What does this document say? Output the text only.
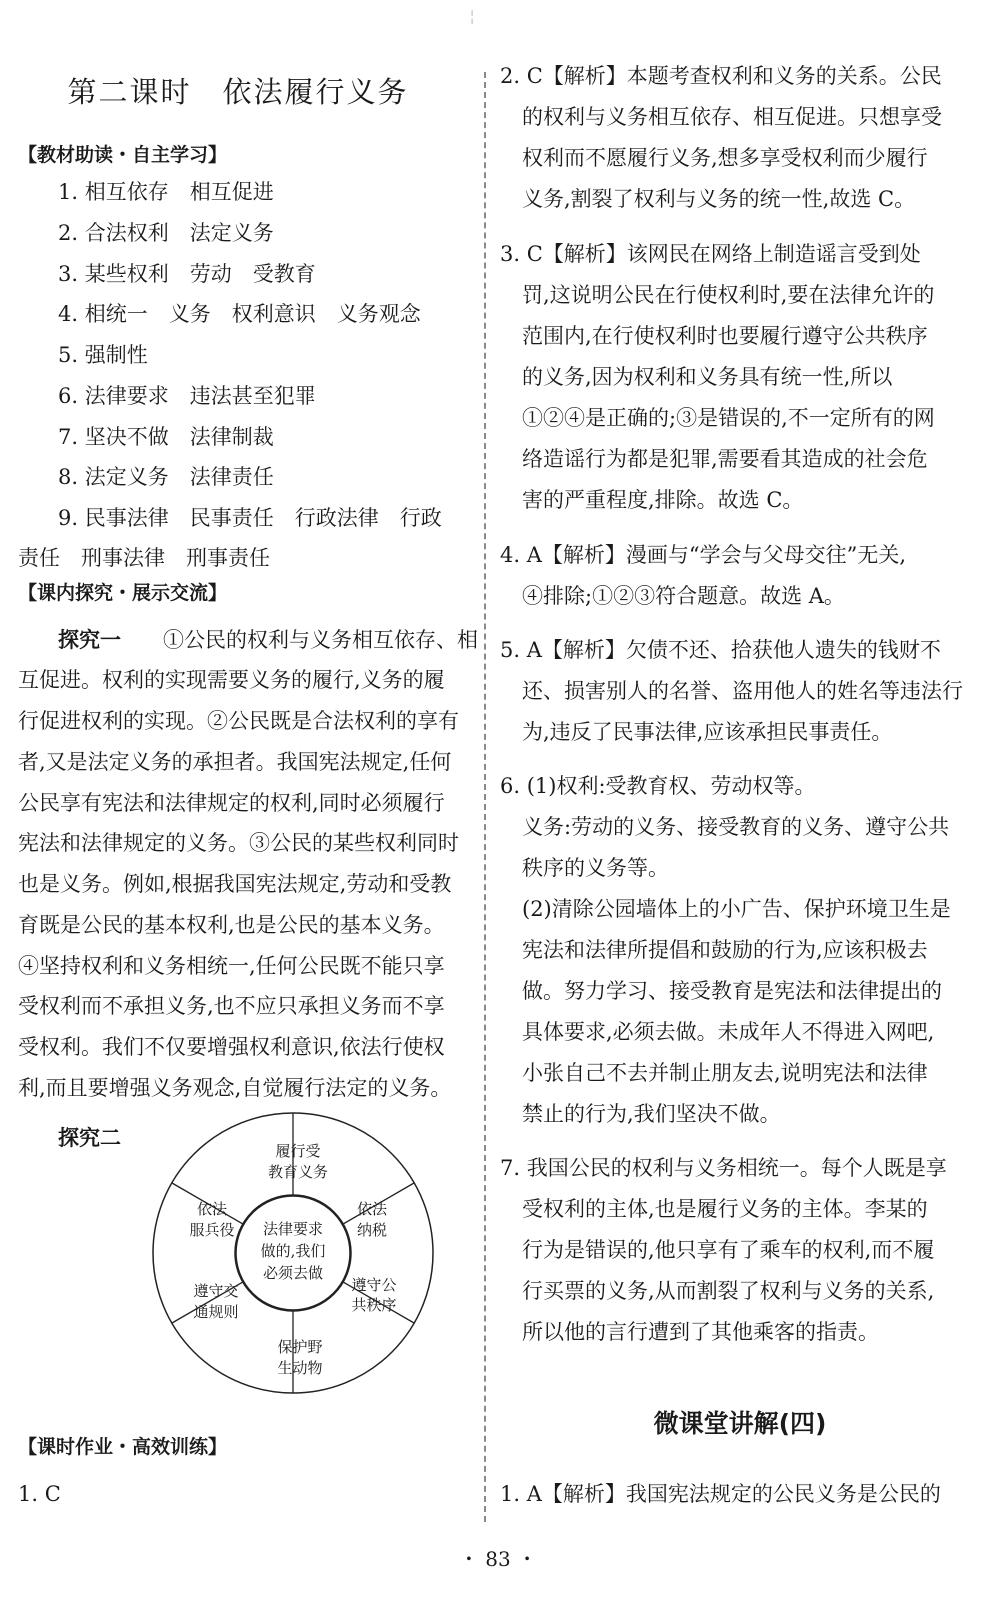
╎
第二课时　依法履行义务
【教材助读・自主学习】
1. 相互依存　相互促进
2. 合法权利　法定义务
3. 某些权利　劳动　受教育
4. 相统一　义务　权利意识　义务观念
5. 强制性
6. 法律要求　违法甚至犯罪
7. 坚决不做　法律制裁
8. 法定义务　法律责任
9. 民事法律　民事责任　行政法律　行政
责任　刑事法律　刑事责任
探究一　　①公民的权利与义务相互依存、相
互促进。权利的实现需要义务的履行,义务的履
行促进权利的实现。②公民既是合法权利的享有
者,又是法定义务的承担者。我国宪法规定,任何
公民享有宪法和法律规定的权利,同时必须履行
宪法和法律规定的义务。③公民的某些权利同时
也是义务。例如,根据我国宪法规定,劳动和受教
育既是公民的基本权利,也是公民的基本义务。
④坚持权利和义务相统一,任何公民既不能只享
受权利而不承担义务,也不应只承担义务而不享
受权利。我们不仅要增强权利意识,依法行使权
利,而且要增强义务观念,自觉履行法定的义务。
探究二
法律要求
做的,我们
必须去做
履行受
教育义务
依法
纳税
遵守公
共秩序
保护野
生动物
遵守交
通规则
依法
服兵役
【课时作业・高效训练】
1. C
【课内探究・展示交流】
2. C【解析】本题考查权利和义务的关系。公民
的权利与义务相互依存、相互促进。只想享受
权利而不愿履行义务,想多享受权利而少履行
义务,割裂了权利与义务的统一性,故选 C。
3. C【解析】该网民在网络上制造谣言受到处
罚,这说明公民在行使权利时,要在法律允许的
范围内,在行使权利时也要履行遵守公共秩序
的义务,因为权利和义务具有统一性,所以
①②④是正确的;③是错误的,不一定所有的网
络造谣行为都是犯罪,需要看其造成的社会危
害的严重程度,排除。故选 C。
4. A【解析】漫画与“学会与父母交往”无关,
④排除;①②③符合题意。故选 A。
5. A【解析】欠债不还、拾获他人遗失的钱财不
还、损害别人的名誉、盗用他人的姓名等违法行
为,违反了民事法律,应该承担民事责任。
6. (1)权利:受教育权、劳动权等。
义务:劳动的义务、接受教育的义务、遵守公共
秩序的义务等。
(2)清除公园墙体上的小广告、保护环境卫生是
宪法和法律所提倡和鼓励的行为,应该积极去
做。努力学习、接受教育是宪法和法律提出的
具体要求,必须去做。未成年人不得进入网吧,
小张自己不去并制止朋友去,说明宪法和法律
禁止的行为,我们坚决不做。
7. 我国公民的权利与义务相统一。每个人既是享
受权利的主体,也是履行义务的主体。李某的
行为是错误的,他只享有了乘车的权利,而不履
行买票的义务,从而割裂了权利与义务的关系,
所以他的言行遭到了其他乘客的指责。
1. A【解析】我国宪法规定的公民义务是公民的
微课堂讲解(四)
・ 83 ・
